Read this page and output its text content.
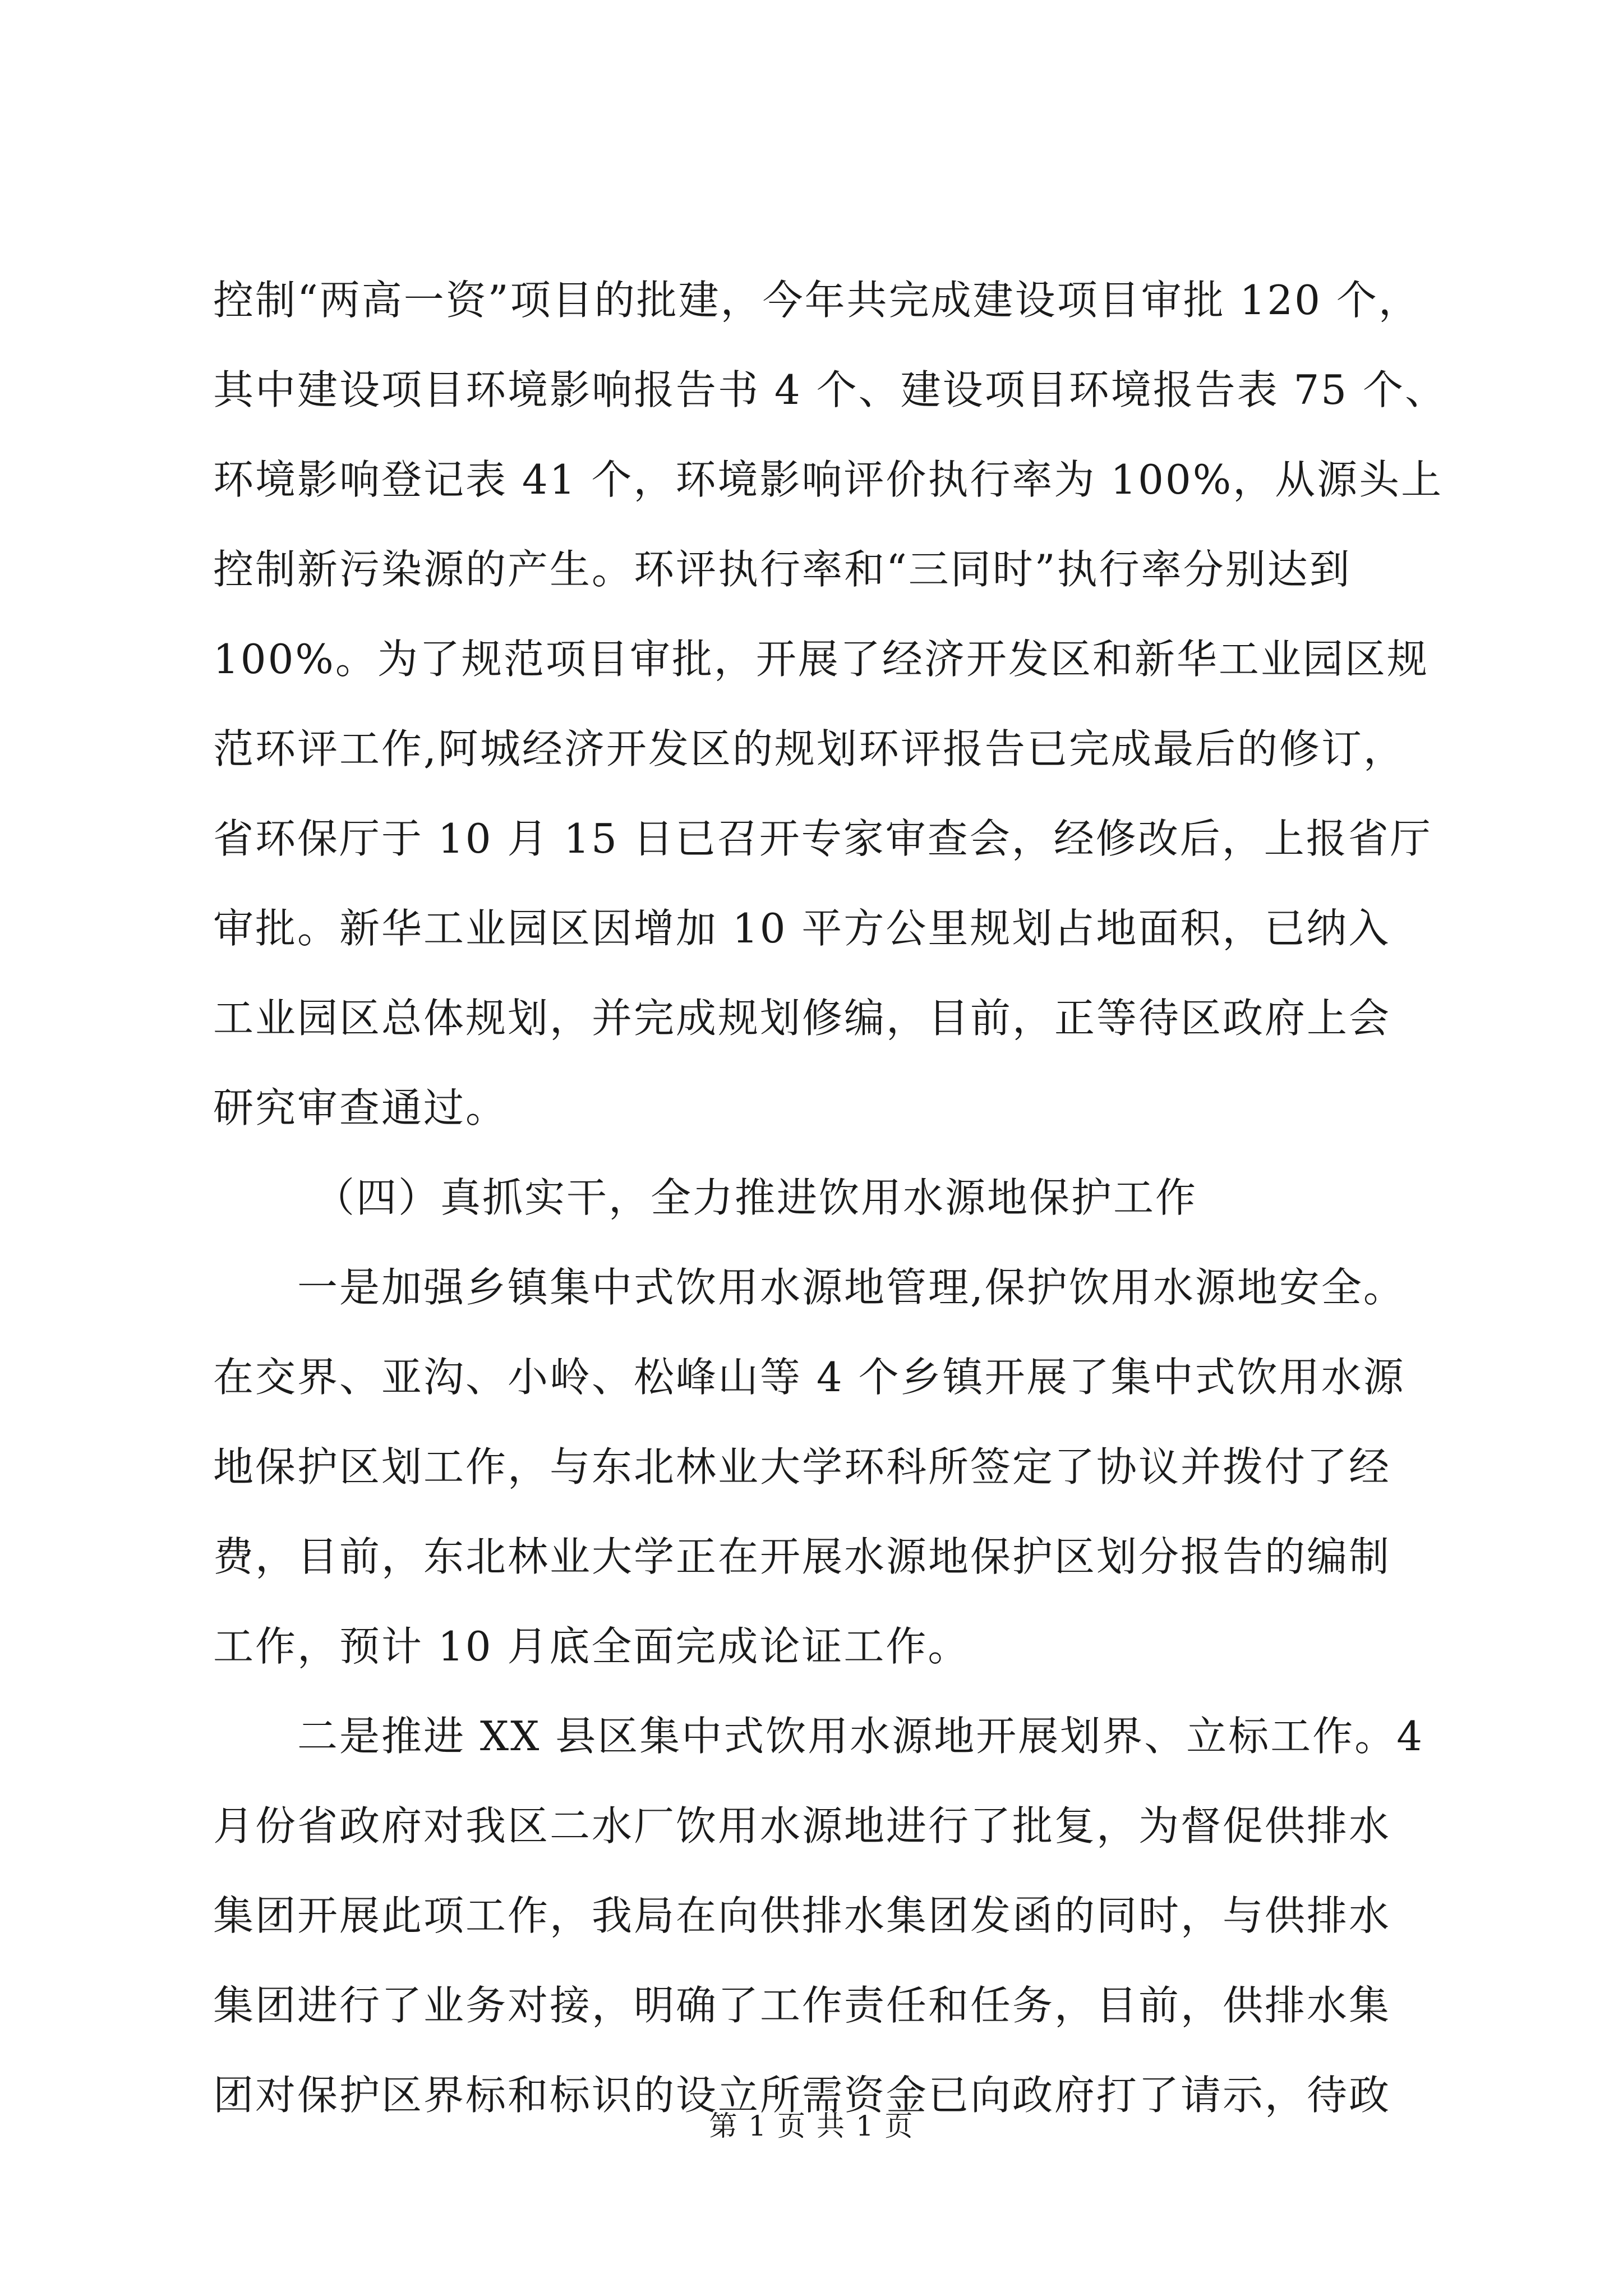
控制“两高一资”项目的批建，今年共完成建设项目审批 120 个，
其中建设项目环境影响报告书 4 个、建设项目环境报告表 75 个、
环境影响登记表 41 个，环境影响评价执行率为 100%，从源头上
控制新污染源的产生。环评执行率和“三同时”执行率分别达到
100%。为了规范项目审批，开展了经济开发区和新华工业园区规
范环评工作,阿城经济开发区的规划环评报告已完成最后的修订，
省环保厅于 10 月 15 日已召开专家审查会，经修改后，上报省厅
审批。新华工业园区因增加 10 平方公里规划占地面积，已纳入
工业园区总体规划，并完成规划修编，目前，正等待区政府上会
研究审查通过。
（四）真抓实干，全力推进饮用水源地保护工作
一是加强乡镇集中式饮用水源地管理,保护饮用水源地安全。
在交界、亚沟、小岭、松峰山等 4 个乡镇开展了集中式饮用水源
地保护区划工作，与东北林业大学环科所签定了协议并拨付了经
费，目前，东北林业大学正在开展水源地保护区划分报告的编制
工作，预计 10 月底全面完成论证工作。
二是推进 XX 县区集中式饮用水源地开展划界、立标工作。4
月份省政府对我区二水厂饮用水源地进行了批复，为督促供排水
集团开展此项工作，我局在向供排水集团发函的同时，与供排水
集团进行了业务对接，明确了工作责任和任务，目前，供排水集
团对保护区界标和标识的设立所需资金已向政府打了请示，待政
第 1 页 共 1 页
